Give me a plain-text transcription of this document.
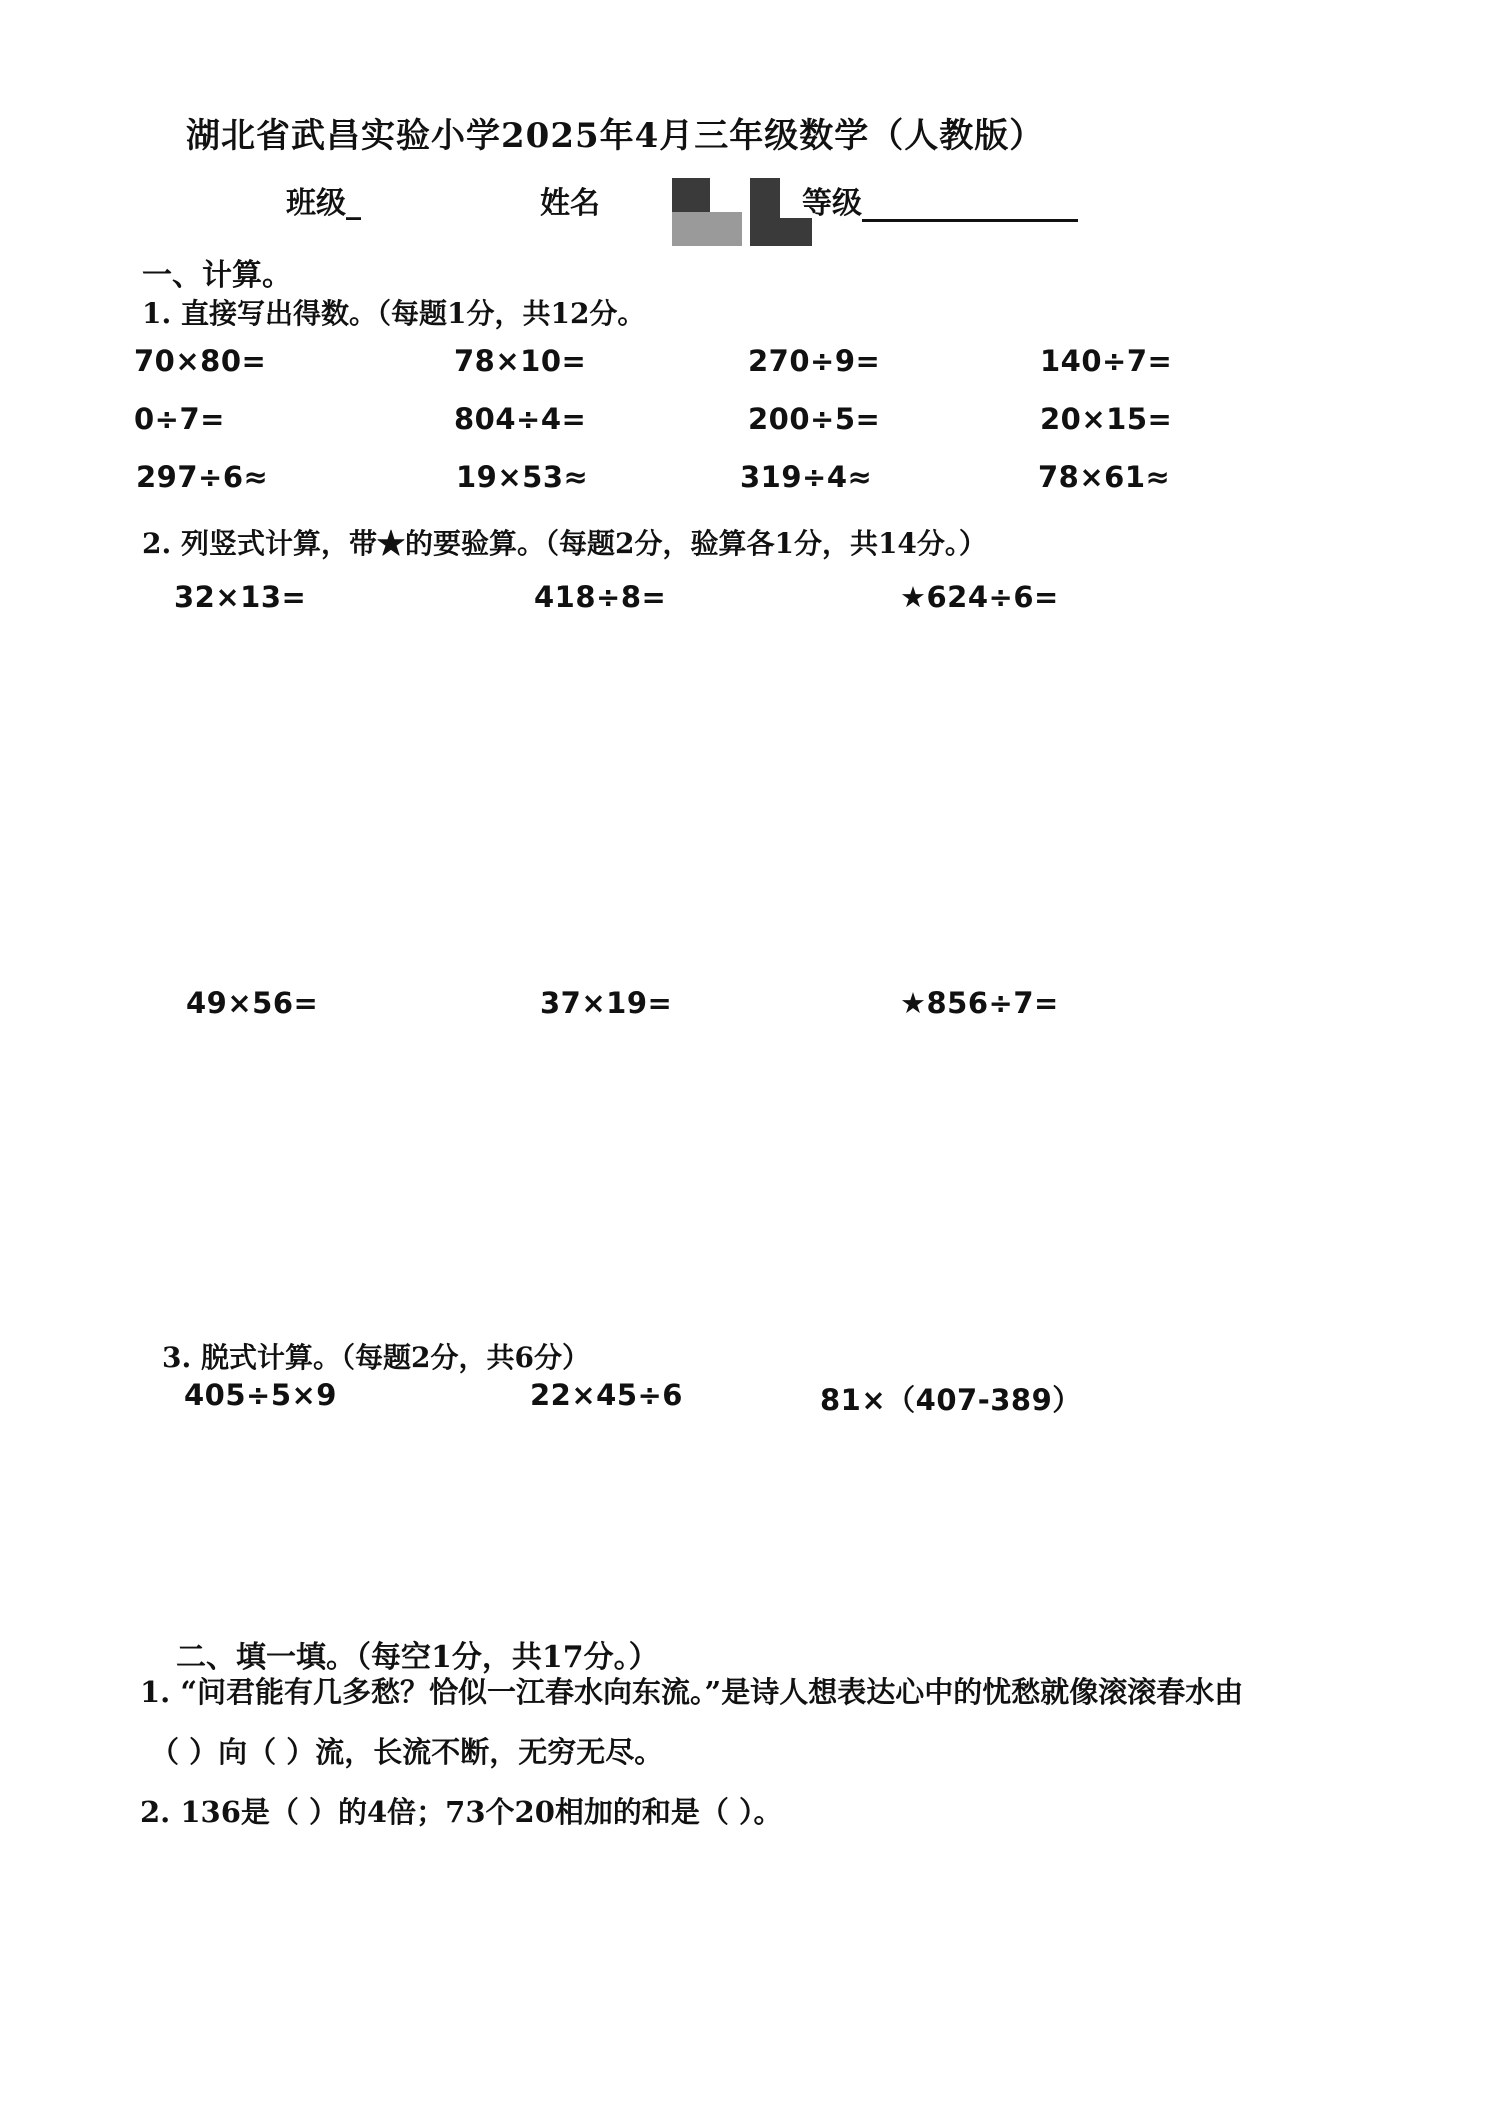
湖北省武昌实验小学2025年4月三年级数学（人教版）
班级_	姓名	等级
一、计算。
1. 直接写出得数。（每题1分，共12分。
70×80=	78×10=	270÷9=	140÷7=
0÷7=	804÷4=	200÷5=	20×15=
297÷6≈	19×53≈	319÷4≈	78×61≈
2. 列竖式计算，带★的要验算。（每题2分，验算各1分，共14分。）
32×13=	418÷8=	★624÷6=
49×56=	37×19=	★856÷7=
3. 脱式计算。（每题2分，共6分）
405÷5×9	22×45÷6	81×（407-389）
二、填一填。（每空1分，共17分。）
1. “问君能有几多愁？恰似一江春水向东流。”是诗人想表达心中的忧愁就像滚滚春水由
（ ）向（ ）流，长流不断，无穷无尽。
2. 136是（ ）的4倍；73个20相加的和是（ ）。
